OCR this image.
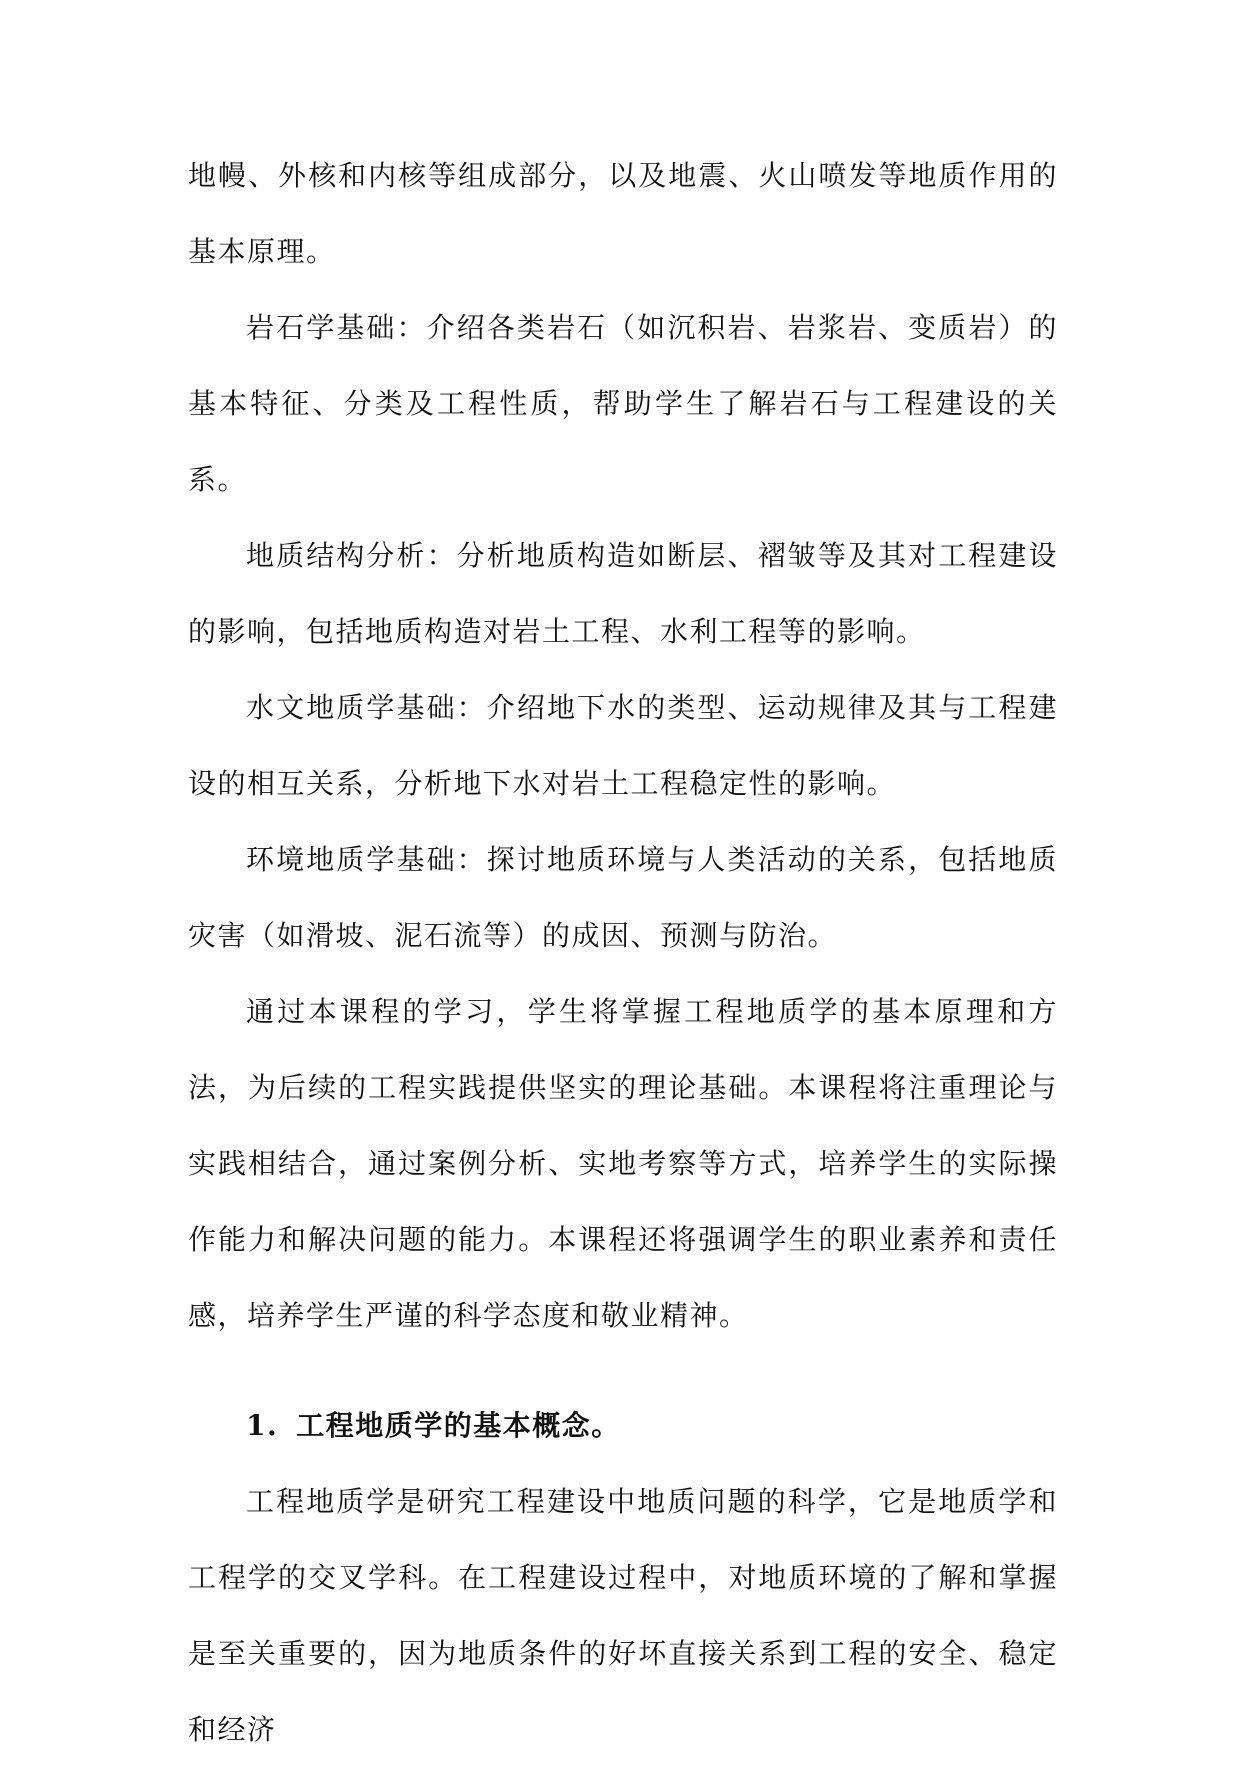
地幔、外核和内核等组成部分，以及地震、火山喷发等地质作用的基本原理。

岩石学基础：介绍各类岩石（如沉积岩、岩浆岩、变质岩）的基本特征、分类及工程性质，帮助学生了解岩石与工程建设的关系。

地质结构分析：分析地质构造如断层、褶皱等及其对工程建设的影响，包括地质构造对岩土工程、水利工程等的影响。

水文地质学基础：介绍地下水的类型、运动规律及其与工程建设的相互关系，分析地下水对岩土工程稳定性的影响。

环境地质学基础：探讨地质环境与人类活动的关系，包括地质灾害（如滑坡、泥石流等）的成因、预测与防治。

通过本课程的学习，学生将掌握工程地质学的基本原理和方法，为后续的工程实践提供坚实的理论基础。本课程将注重理论与实践相结合，通过案例分析、实地考察等方式，培养学生的实际操作能力和解决问题的能力。本课程还将强调学生的职业素养和责任感，培养学生严谨的科学态度和敬业精神。

1. 工程地质学的基本概念。

工程地质学是研究工程建设中地质问题的科学，它是地质学和工程学的交叉学科。在工程建设过程中，对地质环境的了解和掌握是至关重要的，因为地质条件的好坏直接关系到工程的安全、稳定和经济
